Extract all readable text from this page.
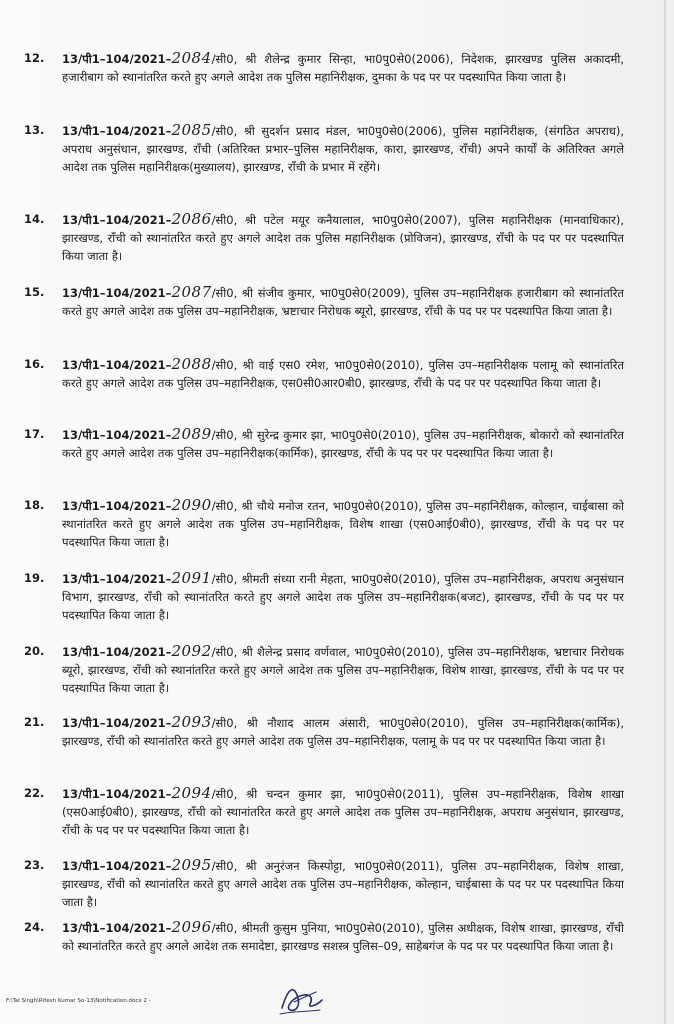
12. 13/पी1–104/2021–2084/सी0, श्री शैलेन्द्र कुमार सिन्हा, भा0पु0से0(2006), निदेशक, झारखण्ड पुलिस अकादमी, हजारीबाग को स्थानांतरित करते हुए अगले आदेश तक पुलिस महानिरीक्षक, दुमका के पद पर पर पदस्थापित किया जाता है।
13. 13/पी1–104/2021–2085/सी0, श्री सुदर्शन प्रसाद मंडल, भा0पु0से0(2006), पुलिस महानिरीक्षक, (संगठित अपराध), अपराध अनुसंधान, झारखण्ड, राँची (अतिरिक्त प्रभार–पुलिस महानिरीक्षक, कारा, झारखण्ड, राँची) अपने कार्यों के अतिरिक्त अगले आदेश तक पुलिस महानिरीक्षक(मुख्यालय), झारखण्ड, राँची के प्रभार में रहेंगे।
14. 13/पी1–104/2021–2086/सी0, श्री पटेल मयूर कनैयालाल, भा0पु0से0(2007), पुलिस महानिरीक्षक (मानवाधिकार), झारखण्ड, राँची को स्थानांतरित करते हुए अगले आदेश तक पुलिस महानिरीक्षक (प्रोविजन), झारखण्ड, राँची के पद पर पर पदस्थापित किया जाता है।
15. 13/पी1–104/2021–2087/सी0, श्री संजीव कुमार, भा0पु0से0(2009), पुलिस उप–महानिरीक्षक हजारीबाग को स्थानांतरित करते हुए अगले आदेश तक पुलिस उप–महानिरीक्षक, भ्रष्टाचार निरोधक ब्यूरो, झारखण्ड, राँची के पद पर पर पदस्थापित किया जाता है।
16. 13/पी1–104/2021–2088/सी0, श्री वाई एस0 रमेश, भा0पु0से0(2010), पुलिस उप–महानिरीक्षक पलामू को स्थानांतरित करते हुए अगले आदेश तक पुलिस उप–महानिरीक्षक, एस0सी0आर0बी0, झारखण्ड, राँची के पद पर पर पदस्थापित किया जाता है।
17. 13/पी1–104/2021–2089/सी0, श्री सुरेन्द्र कुमार झा, भा0पु0से0(2010), पुलिस उप–महानिरीक्षक, बोकारो को स्थानांतरित करते हुए अगले आदेश तक पुलिस उप–महानिरीक्षक(कार्मिक), झारखण्ड, राँची के पद पर पर पदस्थापित किया जाता है।
18. 13/पी1–104/2021–2090/सी0, श्री चौथे मनोज रतन, भा0पु0से0(2010), पुलिस उप–महानिरीक्षक, कोल्हान, चाईबासा को स्थानांतरित करते हुए अगले आदेश तक पुलिस उप–महानिरीक्षक, विशेष शाखा (एस0आई0बी0), झारखण्ड, राँची के पद पर पर पदस्थापित किया जाता है।
19. 13/पी1–104/2021–2091/सी0, श्रीमती संध्या रानी मेहता, भा0पु0से0(2010), पुलिस उप–महानिरीक्षक, अपराध अनुसंधान विभाग, झारखण्ड, राँची को स्थानांतरित करते हुए अगले आदेश तक पुलिस उप–महानिरीक्षक(बजट), झारखण्ड, राँची के पद पर पर पदस्थापित किया जाता है।
20. 13/पी1–104/2021–2092/सी0, श्री शैलेन्द्र प्रसाद वर्णवाल, भा0पु0से0(2010), पुलिस उप–महानिरीक्षक, भ्रष्टाचार निरोधक ब्यूरो, झारखण्ड, राँची को स्थानांतरित करते हुए अगले आदेश तक पुलिस उप–महानिरीक्षक, विशेष शाखा, झारखण्ड, राँची के पद पर पर पदस्थापित किया जाता है।
21. 13/पी1–104/2021–2093/सी0, श्री नौशाद आलम अंसारी, भा0पु0से0(2010), पुलिस उप–महानिरीक्षक(कार्मिक), झारखण्ड, राँची को स्थानांतरित करते हुए अगले आदेश तक पुलिस उप–महानिरीक्षक, पलामू के पद पर पर पदस्थापित किया जाता है।
22. 13/पी1–104/2021–2094/सी0, श्री चन्दन कुमार झा, भा0पु0से0(2011), पुलिस उप–महानिरीक्षक, विशेष शाखा (एस0आई0बी0), झारखण्ड, राँची को स्थानांतरित करते हुए अगले आदेश तक पुलिस उप–महानिरीक्षक, अपराध अनुसंधान, झारखण्ड, राँची के पद पर पर पदस्थापित किया जाता है।
23. 13/पी1–104/2021–2095/सी0, श्री अनुरंजन किस्पोट्टा, भा0पु0से0(2011), पुलिस उप–महानिरीक्षक, विशेष शाखा, झारखण्ड, राँची को स्थानांतरित करते हुए अगले आदेश तक पुलिस उप–महानिरीक्षक, कोल्हान, चाईबासा के पद पर पर पदस्थापित किया जाता है।
24. 13/पी1–104/2021–2096/सी0, श्रीमती कुसुम पुनिया, भा0पु0से0(2010), पुलिस अधीक्षक, विशेष शाखा, झारखण्ड, राँची को स्थानांतरित करते हुए अगले आदेश तक समादेष्टा, झारखण्ड सशस्त्र पुलिस–09, साहेबगंज के पद पर पर पदस्थापित किया जाता है।
F:\Tal Singh\Ritesh Kumar So-13\Notification.docx 2 -
